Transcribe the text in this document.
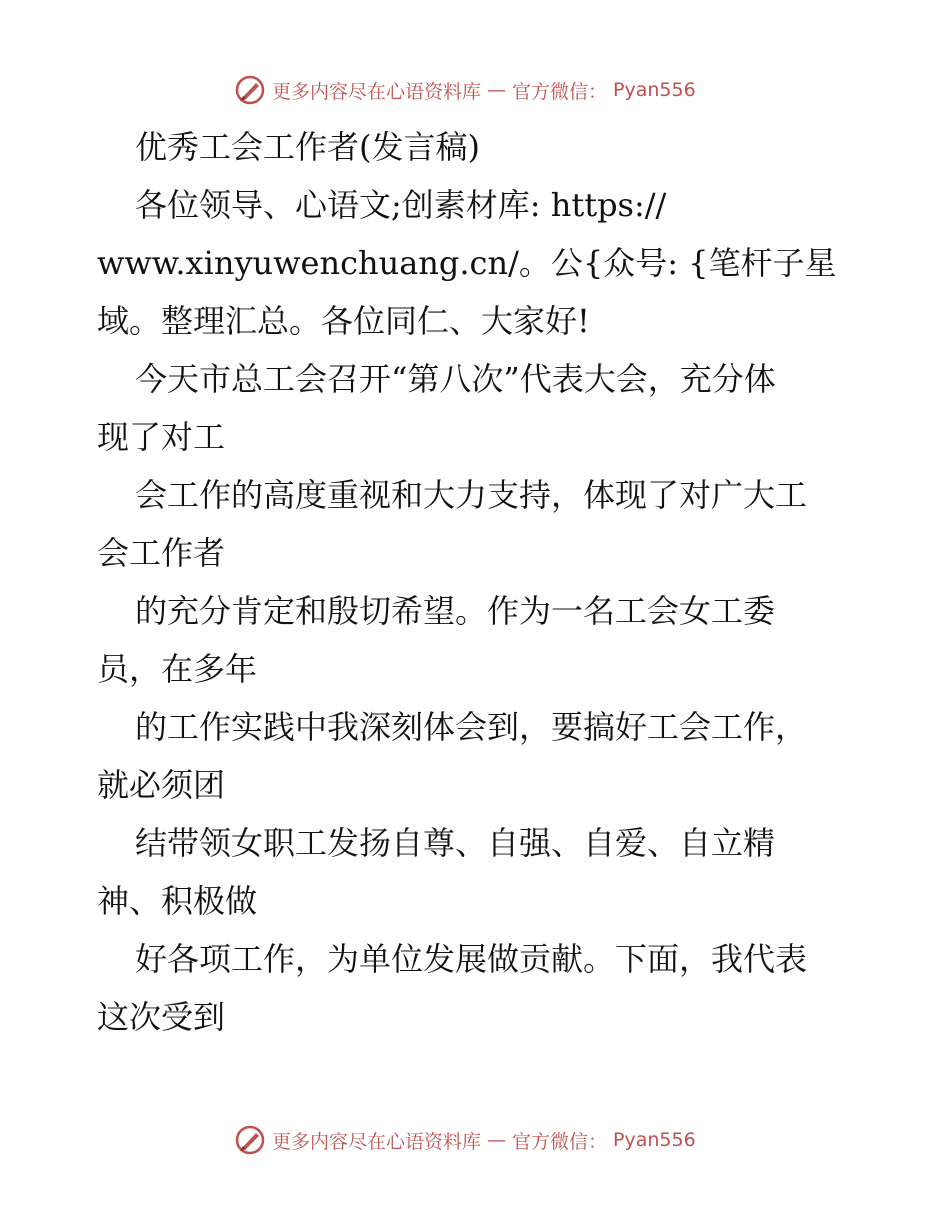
更多内容尽在心语资料库 — 官方微信： Pyan556
优秀工会工作者(发言稿)
各位领导、心语文;创素材库: https://
www.xinyuwenchuang.cn/。公{众号: {笔杆子星
域。整理汇总。各位同仁、大家好!
今天市总工会召开“第八次”代表大会，充分体
现了对工
会工作的高度重视和大力支持，体现了对广大工
会工作者
的充分肯定和殷切希望。作为一名工会女工委
员，在多年
的工作实践中我深刻体会到，要搞好工会工作，
就必须团
结带领女职工发扬自尊、自强、自爱、自立精
神、积极做
好各项工作，为单位发展做贡献。下面，我代表
这次受到
更多内容尽在心语资料库 — 官方微信： Pyan556
